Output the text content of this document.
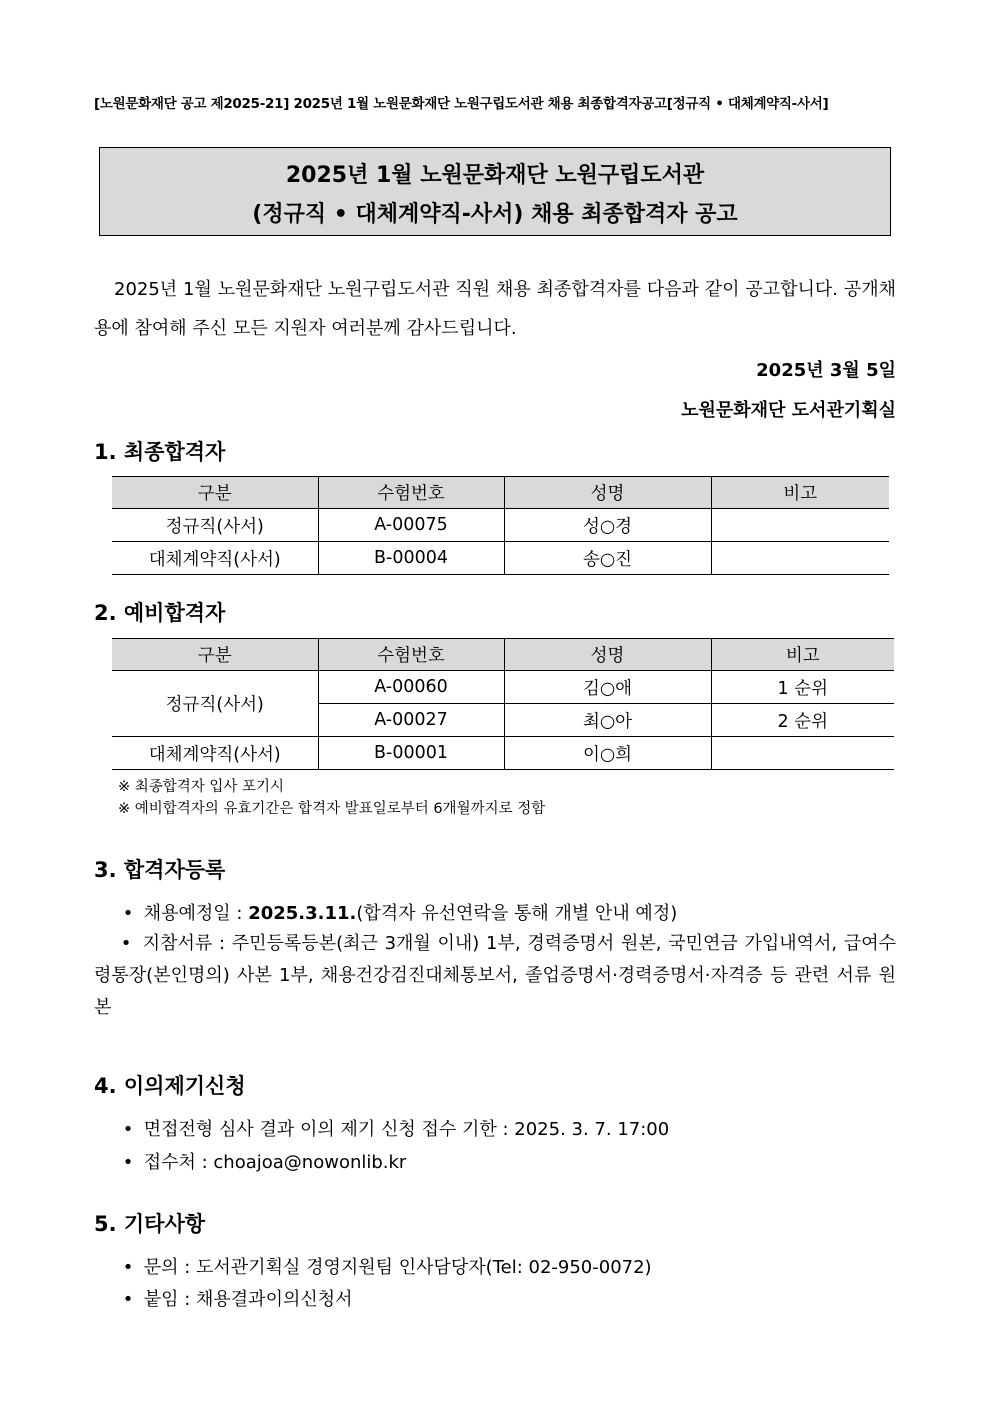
[노원문화재단 공고 제2025-21] 2025년 1월 노원문화재단 노원구립도서관 채용 최종합격자공고[정규직 • 대체계약직-사서]
2025년 1월 노원문화재단 노원구립도서관
(정규직 • 대체계약직-사서) 채용 최종합격자 공고
2025년 1월 노원문화재단 노원구립도서관 직원 채용 최종합격자를 다음과 같이 공고합니다. 공개채용에 참여해 주신 모든 지원자 여러분께 감사드립니다.
2025년 3월 5일
노원문화재단 도서관기획실
1. 최종합격자
구분	수험번호	성명	비고
정규직(사서)	A-00075	성○경	
대체계약직(사서)	B-00004	송○진	
2. 예비합격자
구분	수험번호	성명	비고
정규직(사서)	A-00060	김○애	1 순위
	A-00027	최○아	2 순위
대체계약직(사서)	B-00001	이○희	
※ 최종합격자 입사 포기시
※ 예비합격자의 유효기간은 합격자 발표일로부터 6개월까지로 정함
3. 합격자등록
• 채용예정일 : 2025.3.11.(합격자 유선연락을 통해 개별 안내 예정)
• 지참서류 : 주민등록등본(최근 3개월 이내) 1부, 경력증명서 원본, 국민연금 가입내역서, 급여수령통장(본인명의) 사본 1부, 채용건강검진대체통보서, 졸업증명서·경력증명서·자격증 등 관련 서류 원본
4. 이의제기신청
• 면접전형 심사 결과 이의 제기 신청 접수 기한 : 2025. 3. 7. 17:00
• 접수처 : choajoa@nowonlib.kr
5. 기타사항
• 문의 : 도서관기획실 경영지원팀 인사담당자(Tel: 02-950-0072)
• 붙임 : 채용결과이의신청서
